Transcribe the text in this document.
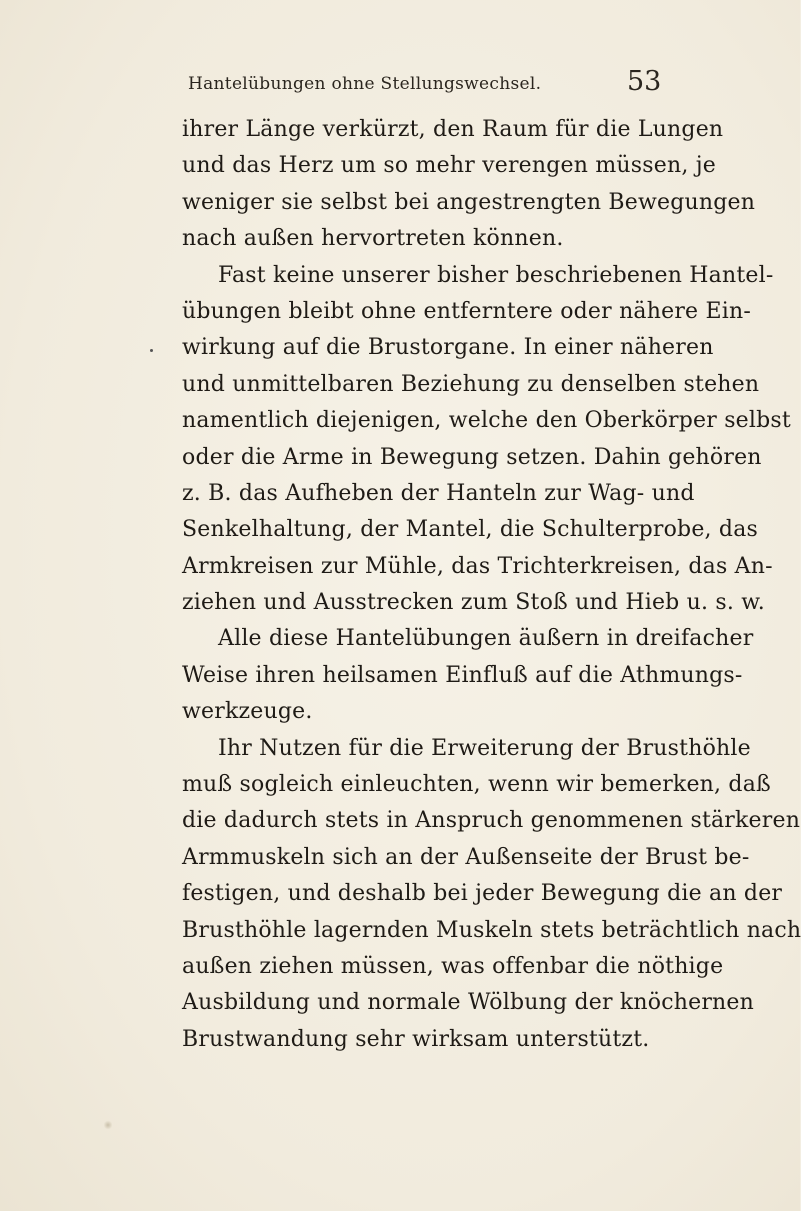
Hantelübungen ohne Stellungswechsel.	53
ihrer Länge verkürzt, den Raum für die Lungen
und das Herz um so mehr verengen müssen, je
weniger sie selbst bei angestrengten Bewegungen
nach außen hervortreten können.
Fast keine unserer bisher beschriebenen Hantel-
übungen bleibt ohne entferntere oder nähere Ein-
wirkung auf die Brustorgane. In einer näheren
und unmittelbaren Beziehung zu denselben stehen
namentlich diejenigen, welche den Oberkörper selbst
oder die Arme in Bewegung setzen. Dahin gehören
z. B. das Aufheben der Hanteln zur Wag- und
Senkelhaltung, der Mantel, die Schulterprobe, das
Armkreisen zur Mühle, das Trichterkreisen, das An-
ziehen und Ausstrecken zum Stoß und Hieb u. s. w.
Alle diese Hantelübungen äußern in dreifacher
Weise ihren heilsamen Einfluß auf die Athmungs-
werkzeuge.
Ihr Nutzen für die Erweiterung der Brusthöhle
muß sogleich einleuchten, wenn wir bemerken, daß
die dadurch stets in Anspruch genommenen stärkeren
Armmuskeln sich an der Außenseite der Brust be-
festigen, und deshalb bei jeder Bewegung die an der
Brusthöhle lagernden Muskeln stets beträchtlich nach
außen ziehen müssen, was offenbar die nöthige
Ausbildung und normale Wölbung der knöchernen
Brustwandung sehr wirksam unterstützt.
